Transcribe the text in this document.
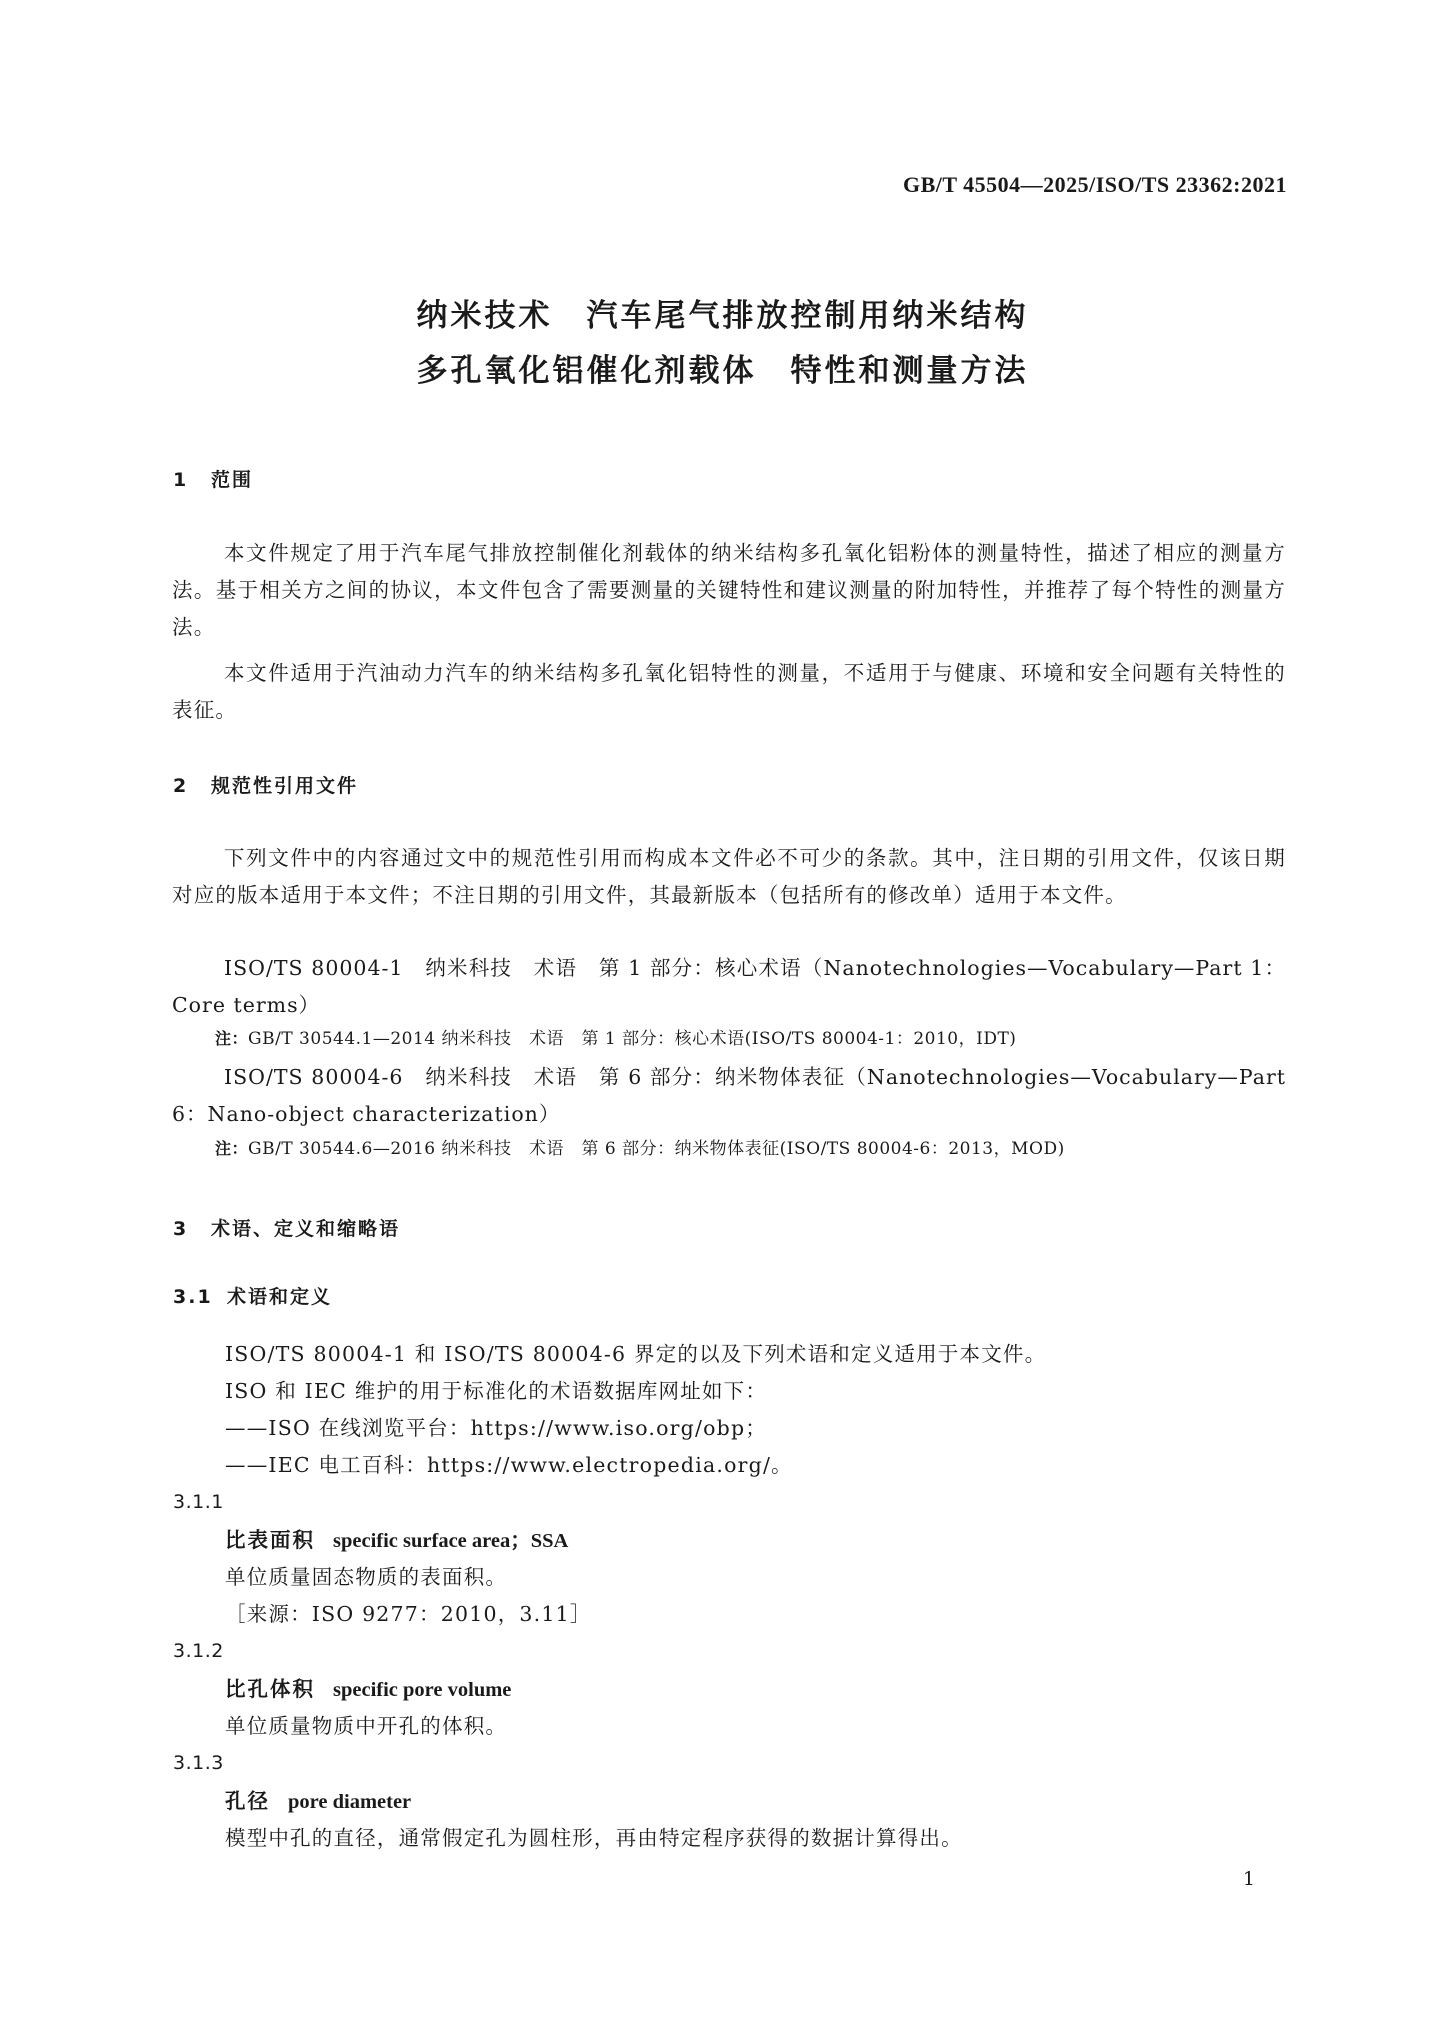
GB/T 45504—2025/ISO/TS 23362:2021
纳米技术　汽车尾气排放控制用纳米结构
多孔氧化铝催化剂载体　特性和测量方法
1 范围

本文件规定了用于汽车尾气排放控制催化剂载体的纳米结构多孔氧化铝粉体的测量特性，描述了相应的测量方法。基于相关方之间的协议，本文件包含了需要测量的关键特性和建议测量的附加特性，并推荐了每个特性的测量方法。

本文件适用于汽油动力汽车的纳米结构多孔氧化铝特性的测量，不适用于与健康、环境和安全问题有关特性的表征。

2 规范性引用文件

下列文件中的内容通过文中的规范性引用而构成本文件必不可少的条款。其中，注日期的引用文件，仅该日期对应的版本适用于本文件；不注日期的引用文件，其最新版本（包括所有的修改单）适用于本文件。

ISO/TS 80004-1　纳米科技　术语　第 1 部分：核心术语（Nanotechnologies—Vocabulary—Part 1：Core terms）

注：GB/T 30544.1—2014 纳米科技　术语　第 1 部分：核心术语(ISO/TS 80004-1：2010，IDT)

ISO/TS 80004-6　纳米科技　术语　第 6 部分：纳米物体表征（Nanotechnologies—Vocabulary—Part 6：Nano-object characterization）

注：GB/T 30544.6—2016 纳米科技　术语　第 6 部分：纳米物体表征(ISO/TS 80004-6：2013，MOD)
3 术语、定义和缩略语
3.1 术语和定义
ISO/TS 80004-1 和 ISO/TS 80004-6 界定的以及下列术语和定义适用于本文件。
ISO 和 IEC 维护的用于标准化的术语数据库网址如下：
——ISO 在线浏览平台：https://www.iso.org/obp；
——IEC 电工百科：https://www.electropedia.org/。
3.1.1
比表面积 specific surface area；SSA
单位质量固态物质的表面积。
［来源：ISO 9277：2010，3.11］
3.1.2
比孔体积 specific pore volume
单位质量物质中开孔的体积。
3.1.3
孔径 pore diameter
模型中孔的直径，通常假定孔为圆柱形，再由特定程序获得的数据计算得出。
1
